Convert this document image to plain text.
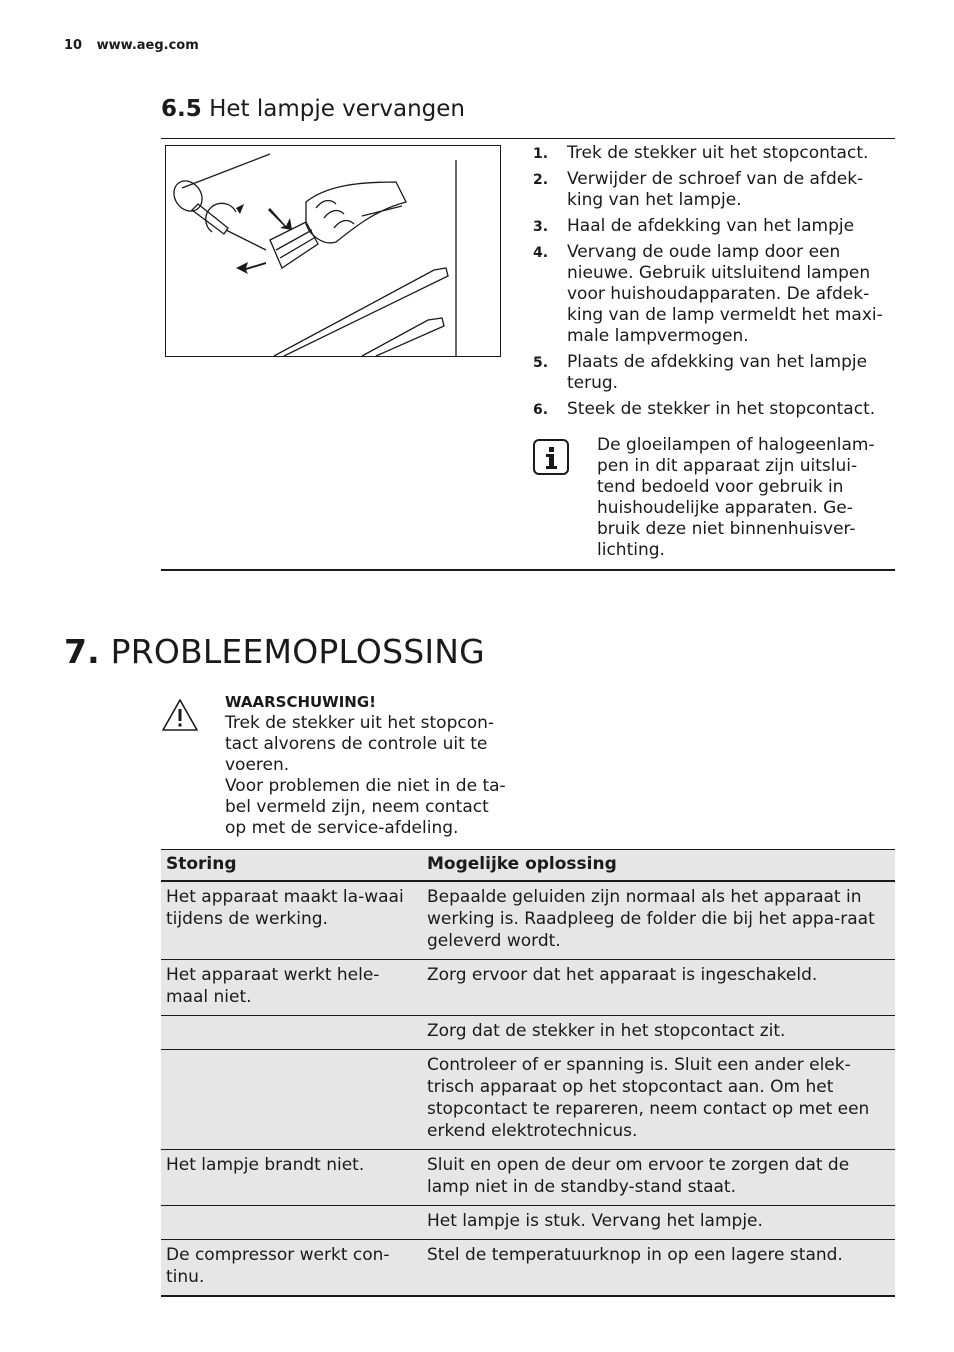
10 www.aeg.com
6.5 Het lampje vervangen
1. Trek de stekker uit het stopcontact.
2. Verwijder de schroef van de afdek-king van het lampje.
3. Haal de afdekking van het lampje
4. Vervang de oude lamp door een nieuwe. Gebruik uitsluitend lampen voor huishoudapparaten. De afdek-king van de lamp vermeldt het maxi-male lampvermogen.
5. Plaats de afdekking van het lampje terug.
6. Steek de stekker in het stopcontact.
De gloeilampen of halogeenlam-pen in dit apparaat zijn uitslui-tend bedoeld voor gebruik in huishoudelijke apparaten. Ge-bruik deze niet binnenhuisver-lichting.
7. PROBLEEMOPLOSSING
WAARSCHUWING!
Trek de stekker uit het stopcon-tact alvorens de controle uit te voeren.
Voor problemen die niet in de ta-bel vermeld zijn, neem contact op met de service-afdeling.
Storing	Mogelijke oplossing
Het apparaat maakt la-waai tijdens de werking.	Bepaalde geluiden zijn normaal als het apparaat in werking is. Raadpleeg de folder die bij het appa-raat geleverd wordt.
Het apparaat werkt hele-maal niet.	Zorg ervoor dat het apparaat is ingeschakeld.
	Zorg dat de stekker in het stopcontact zit.
	Controleer of er spanning is. Sluit een ander elek-trisch apparaat op het stopcontact aan. Om het stopcontact te repareren, neem contact op met een erkend elektrotechnicus.
Het lampje brandt niet.	Sluit en open de deur om ervoor te zorgen dat de lamp niet in de standby-stand staat.
	Het lampje is stuk. Vervang het lampje.
De compressor werkt con-tinu.	Stel de temperatuurknop in op een lagere stand.
